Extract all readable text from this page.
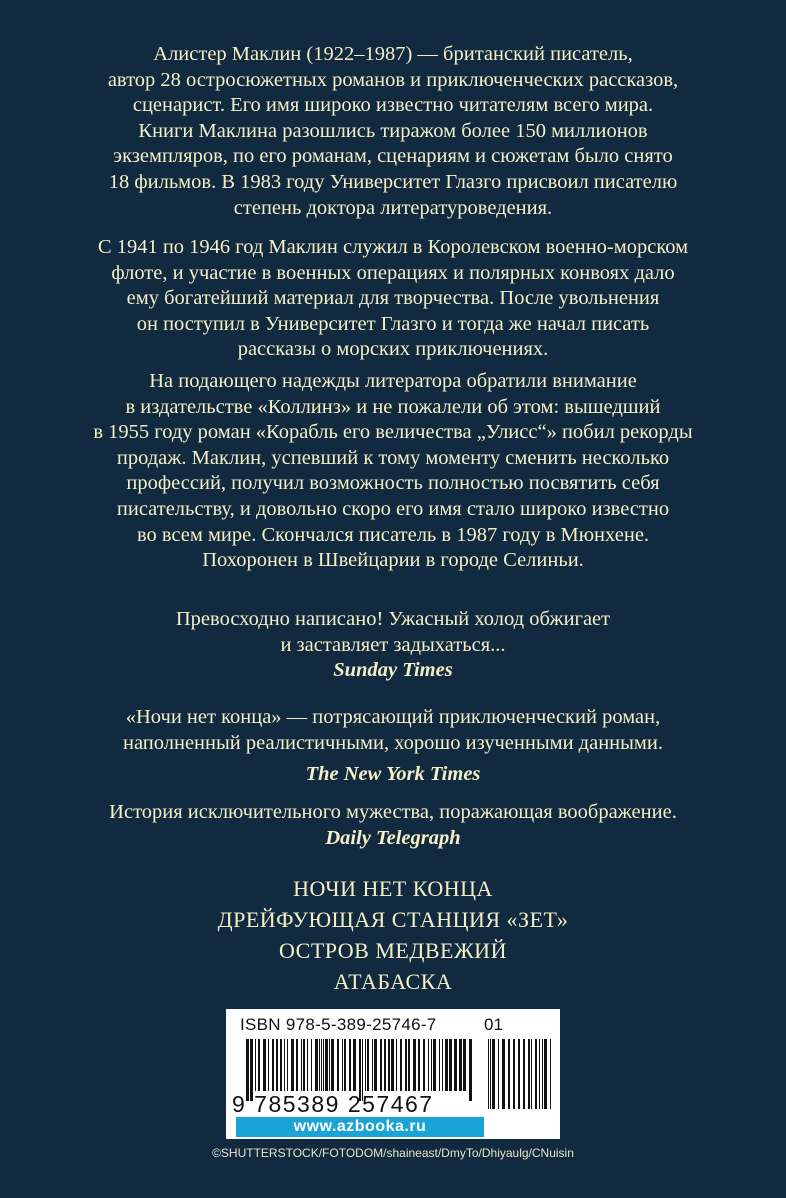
Алистер Маклин (1922–1987) — британский писатель,
автор 28 остросюжетных романов и приключенческих рассказов,
сценарист. Его имя широко известно читателям всего мира.
Книги Маклина разошлись тиражом более 150 миллионов
экземпляров, по его романам, сценариям и сюжетам было снято
18 фильмов. В 1983 году Университет Глазго присвоил писателю
степень доктора литературоведения.

С 1941 по 1946 год Маклин служил в Королевском военно-морском
флоте, и участие в военных операциях и полярных конвоях дало
ему богатейший материал для творчества. После увольнения
он поступил в Университет Глазго и тогда же начал писать
рассказы о морских приключениях.

На подающего надежды литератора обратили внимание
в издательстве «Коллинз» и не пожалели об этом: вышедший
в 1955 году роман «Корабль его величества „Улисс“» побил рекорды
продаж. Маклин, успевший к тому моменту сменить несколько
профессий, получил возможность полностью посвятить себя
писательству, и довольно скоро его имя стало широко известно
во всем мире. Скончался писатель в 1987 году в Мюнхене.
Похоронен в Швейцарии в городе Селиньи.

Превосходно написано! Ужасный холод обжигает
и заставляет задыхаться...
Sunday Times

«Ночи нет конца» — потрясающий приключенческий роман,
наполненный реалистичными, хорошо изученными данными.
The New York Times

История исключительного мужества, поражающая воображение.
Daily Telegraph

НОЧИ НЕТ КОНЦА
ДРЕЙФУЮЩАЯ СТАНЦИЯ «ЗЕТ»
ОСТРОВ МЕДВЕЖИЙ
АТАБАСКА
ISBN 978-5-389-25746-7	01
9 785389 257467
www.azbooka.ru
©SHUTTERSTOCK/FOTODOM/shaineast/DmyTo/Dhiyaulg/CNuisin
